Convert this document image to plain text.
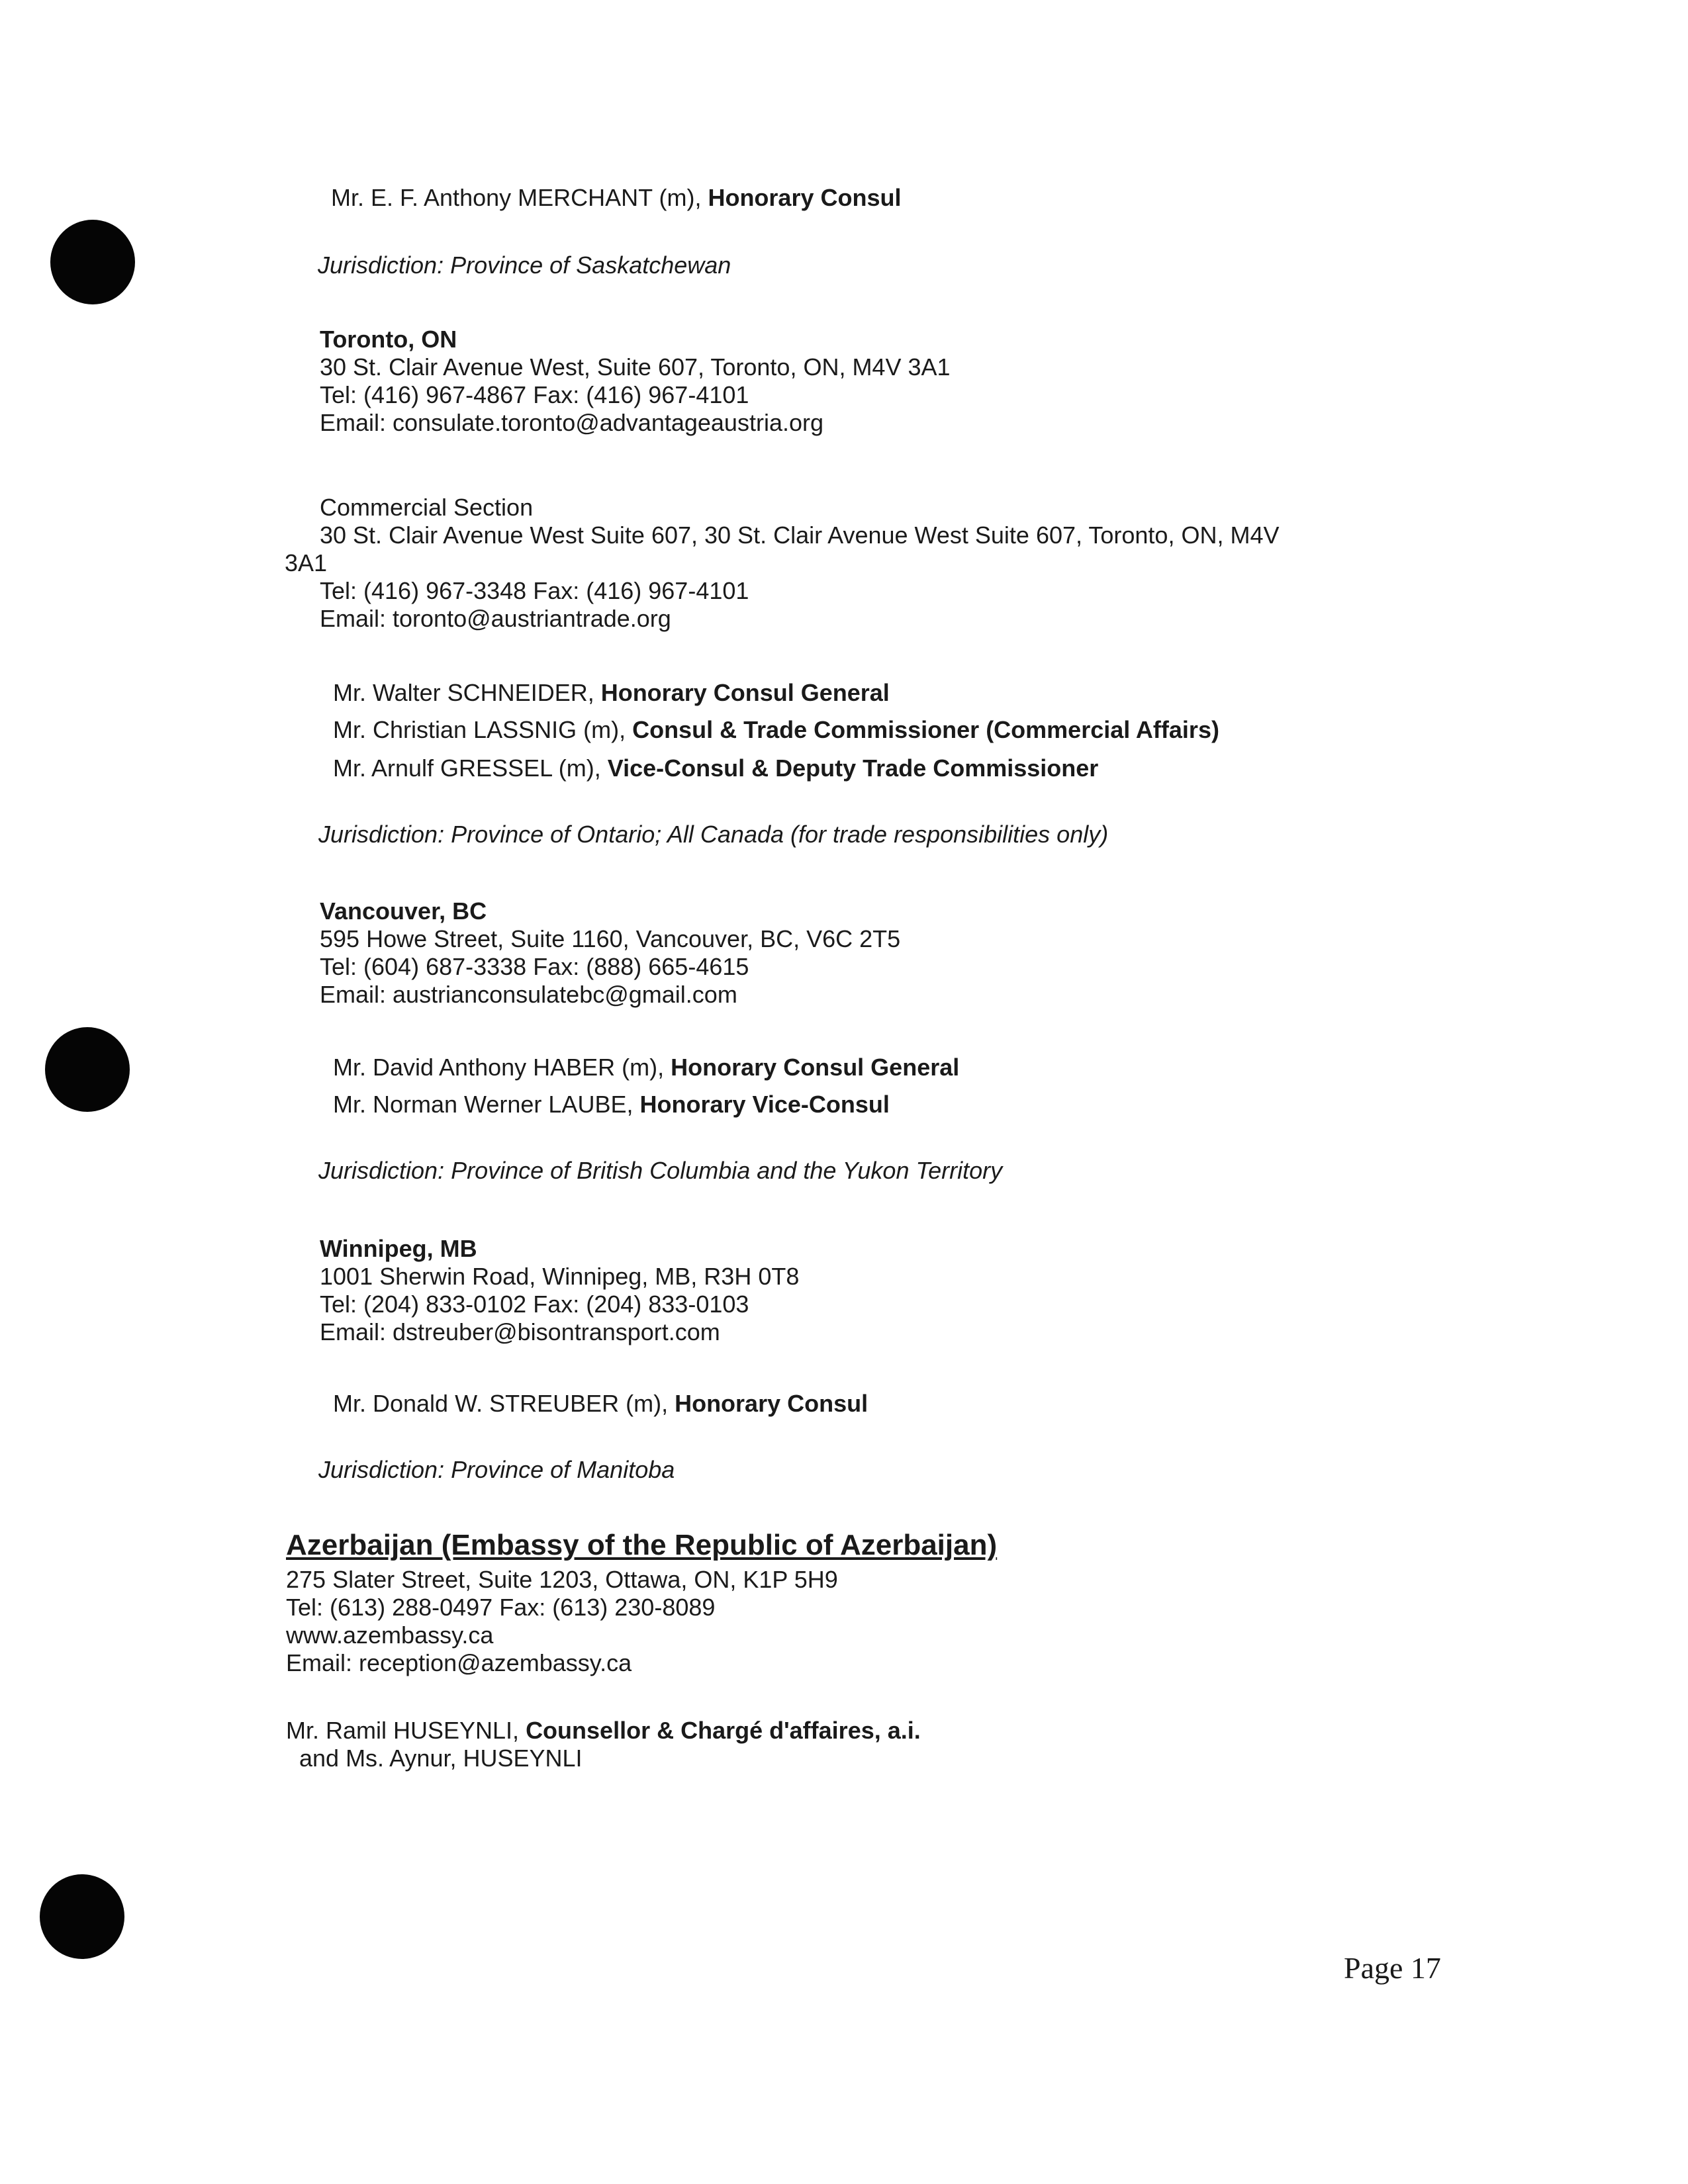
Mr. E. F. Anthony MERCHANT (m), Honorary Consul
Jurisdiction: Province of Saskatchewan
Toronto, ON
30 St. Clair Avenue West, Suite 607, Toronto, ON, M4V 3A1
Tel: (416) 967-4867 Fax: (416) 967-4101
Email: consulate.toronto@advantageaustria.org
Commercial Section
30 St. Clair Avenue West Suite 607, 30 St. Clair Avenue West Suite 607, Toronto, ON, M4V
3A1
Tel: (416) 967-3348 Fax: (416) 967-4101
Email: toronto@austriantrade.org
Mr. Walter SCHNEIDER, Honorary Consul General
Mr. Christian LASSNIG (m), Consul & Trade Commissioner (Commercial Affairs)
Mr. Arnulf GRESSEL (m), Vice-Consul & Deputy Trade Commissioner
Jurisdiction: Province of Ontario; All Canada (for trade responsibilities only)
Vancouver, BC
595 Howe Street, Suite 1160, Vancouver, BC, V6C 2T5
Tel: (604) 687-3338 Fax: (888) 665-4615
Email: austrianconsulatebc@gmail.com
Mr. David Anthony HABER (m), Honorary Consul General
Mr. Norman Werner LAUBE, Honorary Vice-Consul
Jurisdiction: Province of British Columbia and the Yukon Territory
Winnipeg, MB
1001 Sherwin Road, Winnipeg, MB, R3H 0T8
Tel: (204) 833-0102 Fax: (204) 833-0103
Email: dstreuber@bisontransport.com
Mr. Donald W. STREUBER (m), Honorary Consul
Jurisdiction: Province of Manitoba
Azerbaijan (Embassy of the Republic of Azerbaijan)
275 Slater Street, Suite 1203, Ottawa, ON, K1P 5H9
Tel: (613) 288-0497 Fax: (613) 230-8089
www.azembassy.ca
Email: reception@azembassy.ca
Mr. Ramil HUSEYNLI, Counsellor & Chargé d'affaires, a.i.
and Ms. Aynur, HUSEYNLI
Page 17
